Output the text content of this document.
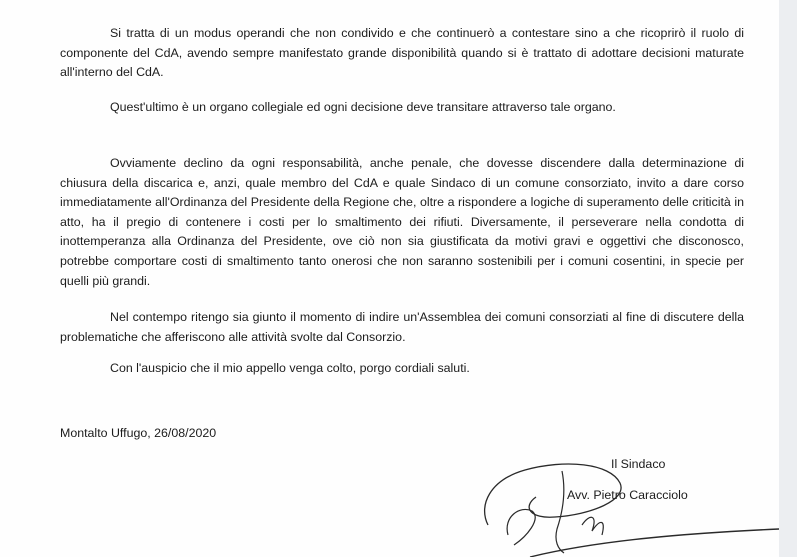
Si tratta di un modus operandi che non condivido e che continuerò a contestare sino a che ricoprirò il ruolo di componente del CdA, avendo sempre manifestato grande disponibilità quando si è trattato di adottare decisioni maturate all'interno del CdA.

Quest'ultimo è un organo collegiale ed ogni decisione deve transitare attraverso tale organo.

Ovviamente declino da ogni responsabilità, anche penale, che dovesse discendere dalla determinazione di chiusura della discarica e, anzi, quale membro del CdA e quale Sindaco di un comune consorziato, invito a dare corso immediatamente all'Ordinanza del Presidente della Regione che, oltre a rispondere a logiche di superamento delle criticità in atto, ha il pregio di contenere i costi per lo smaltimento dei rifiuti. Diversamente, il perseverare nella condotta di inottemperanza alla Ordinanza del Presidente, ove ciò non sia giustificata da motivi gravi e oggettivi che disconosco, potrebbe comportare costi di smaltimento tanto onerosi che non saranno sostenibili per i comuni cosentini, in specie per quelli più grandi.

Nel contempo ritengo sia giunto il momento di indire un'Assemblea dei comuni consorziati al fine di discutere della problematiche che afferiscono alle attività svolte dal Consorzio.

Con l'auspicio che il mio appello venga colto, porgo cordiali saluti.

Montalto Uffugo, 26/08/2020
Il Sindaco
Avv. Pietro Caracciolo
